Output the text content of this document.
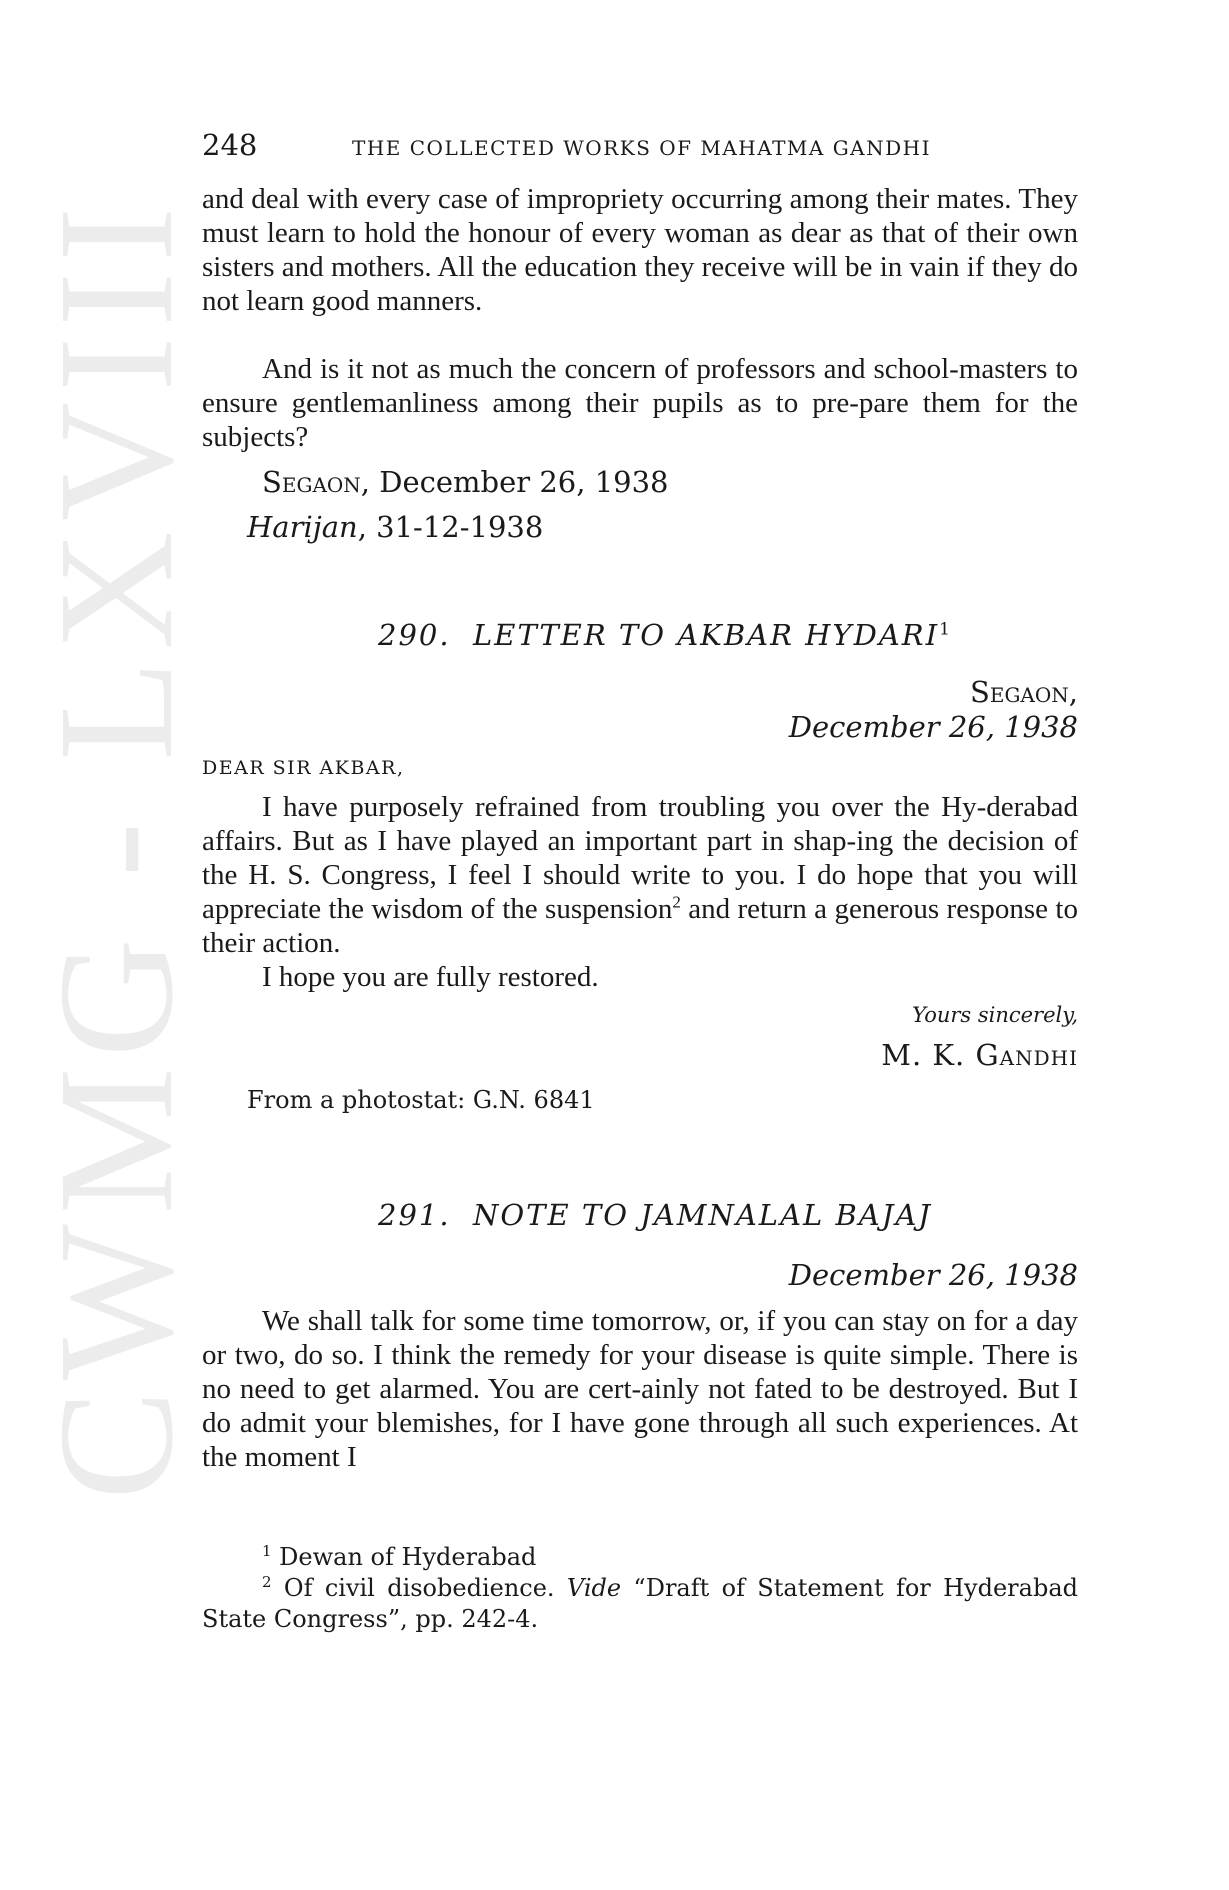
CWMG - LXVIII
248	THE COLLECTED WORKS OF MAHATMA GANDHI

and deal with every case of impropriety occurring among their mates. They must learn to hold the honour of every woman as dear as that of their own sisters and mothers. All the education they receive will be in vain if they do not learn good manners.

And is it not as much the concern of professors and school-masters to ensure gentlemanliness among their pupils as to pre-pare them for the subjects?

Segaon, December 26, 1938
Harijan, 31-12-1938
290. LETTER TO AKBAR HYDARI$^1$
Segaon,
December 26, 1938
DEAR SIR AKBAR,

I have purposely refrained from troubling you over the Hy-derabad affairs. But as I have played an important part in shap-ing the decision of the H. S. Congress, I feel I should write to you. I do hope that you will appreciate the wisdom of the suspension$^2$ and return a generous response to their action.

I hope you are fully restored.

Yours sincerely,
M. K. Gandhi
From a photostat: G.N. 6841
291. NOTE TO JAMNALAL BAJAJ
December 26, 1938

We shall talk for some time tomorrow, or, if you can stay on for a day or two, do so. I think the remedy for your disease is quite simple. There is no need to get alarmed. You are cert-ainly not fated to be destroyed. But I do admit your blemishes, for I have gone through all such experiences. At the moment I

$^1$ Dewan of Hyderabad
$^2$ Of civil disobedience. Vide “Draft of Statement for Hyderabad State Congress”, pp. 242-4.
